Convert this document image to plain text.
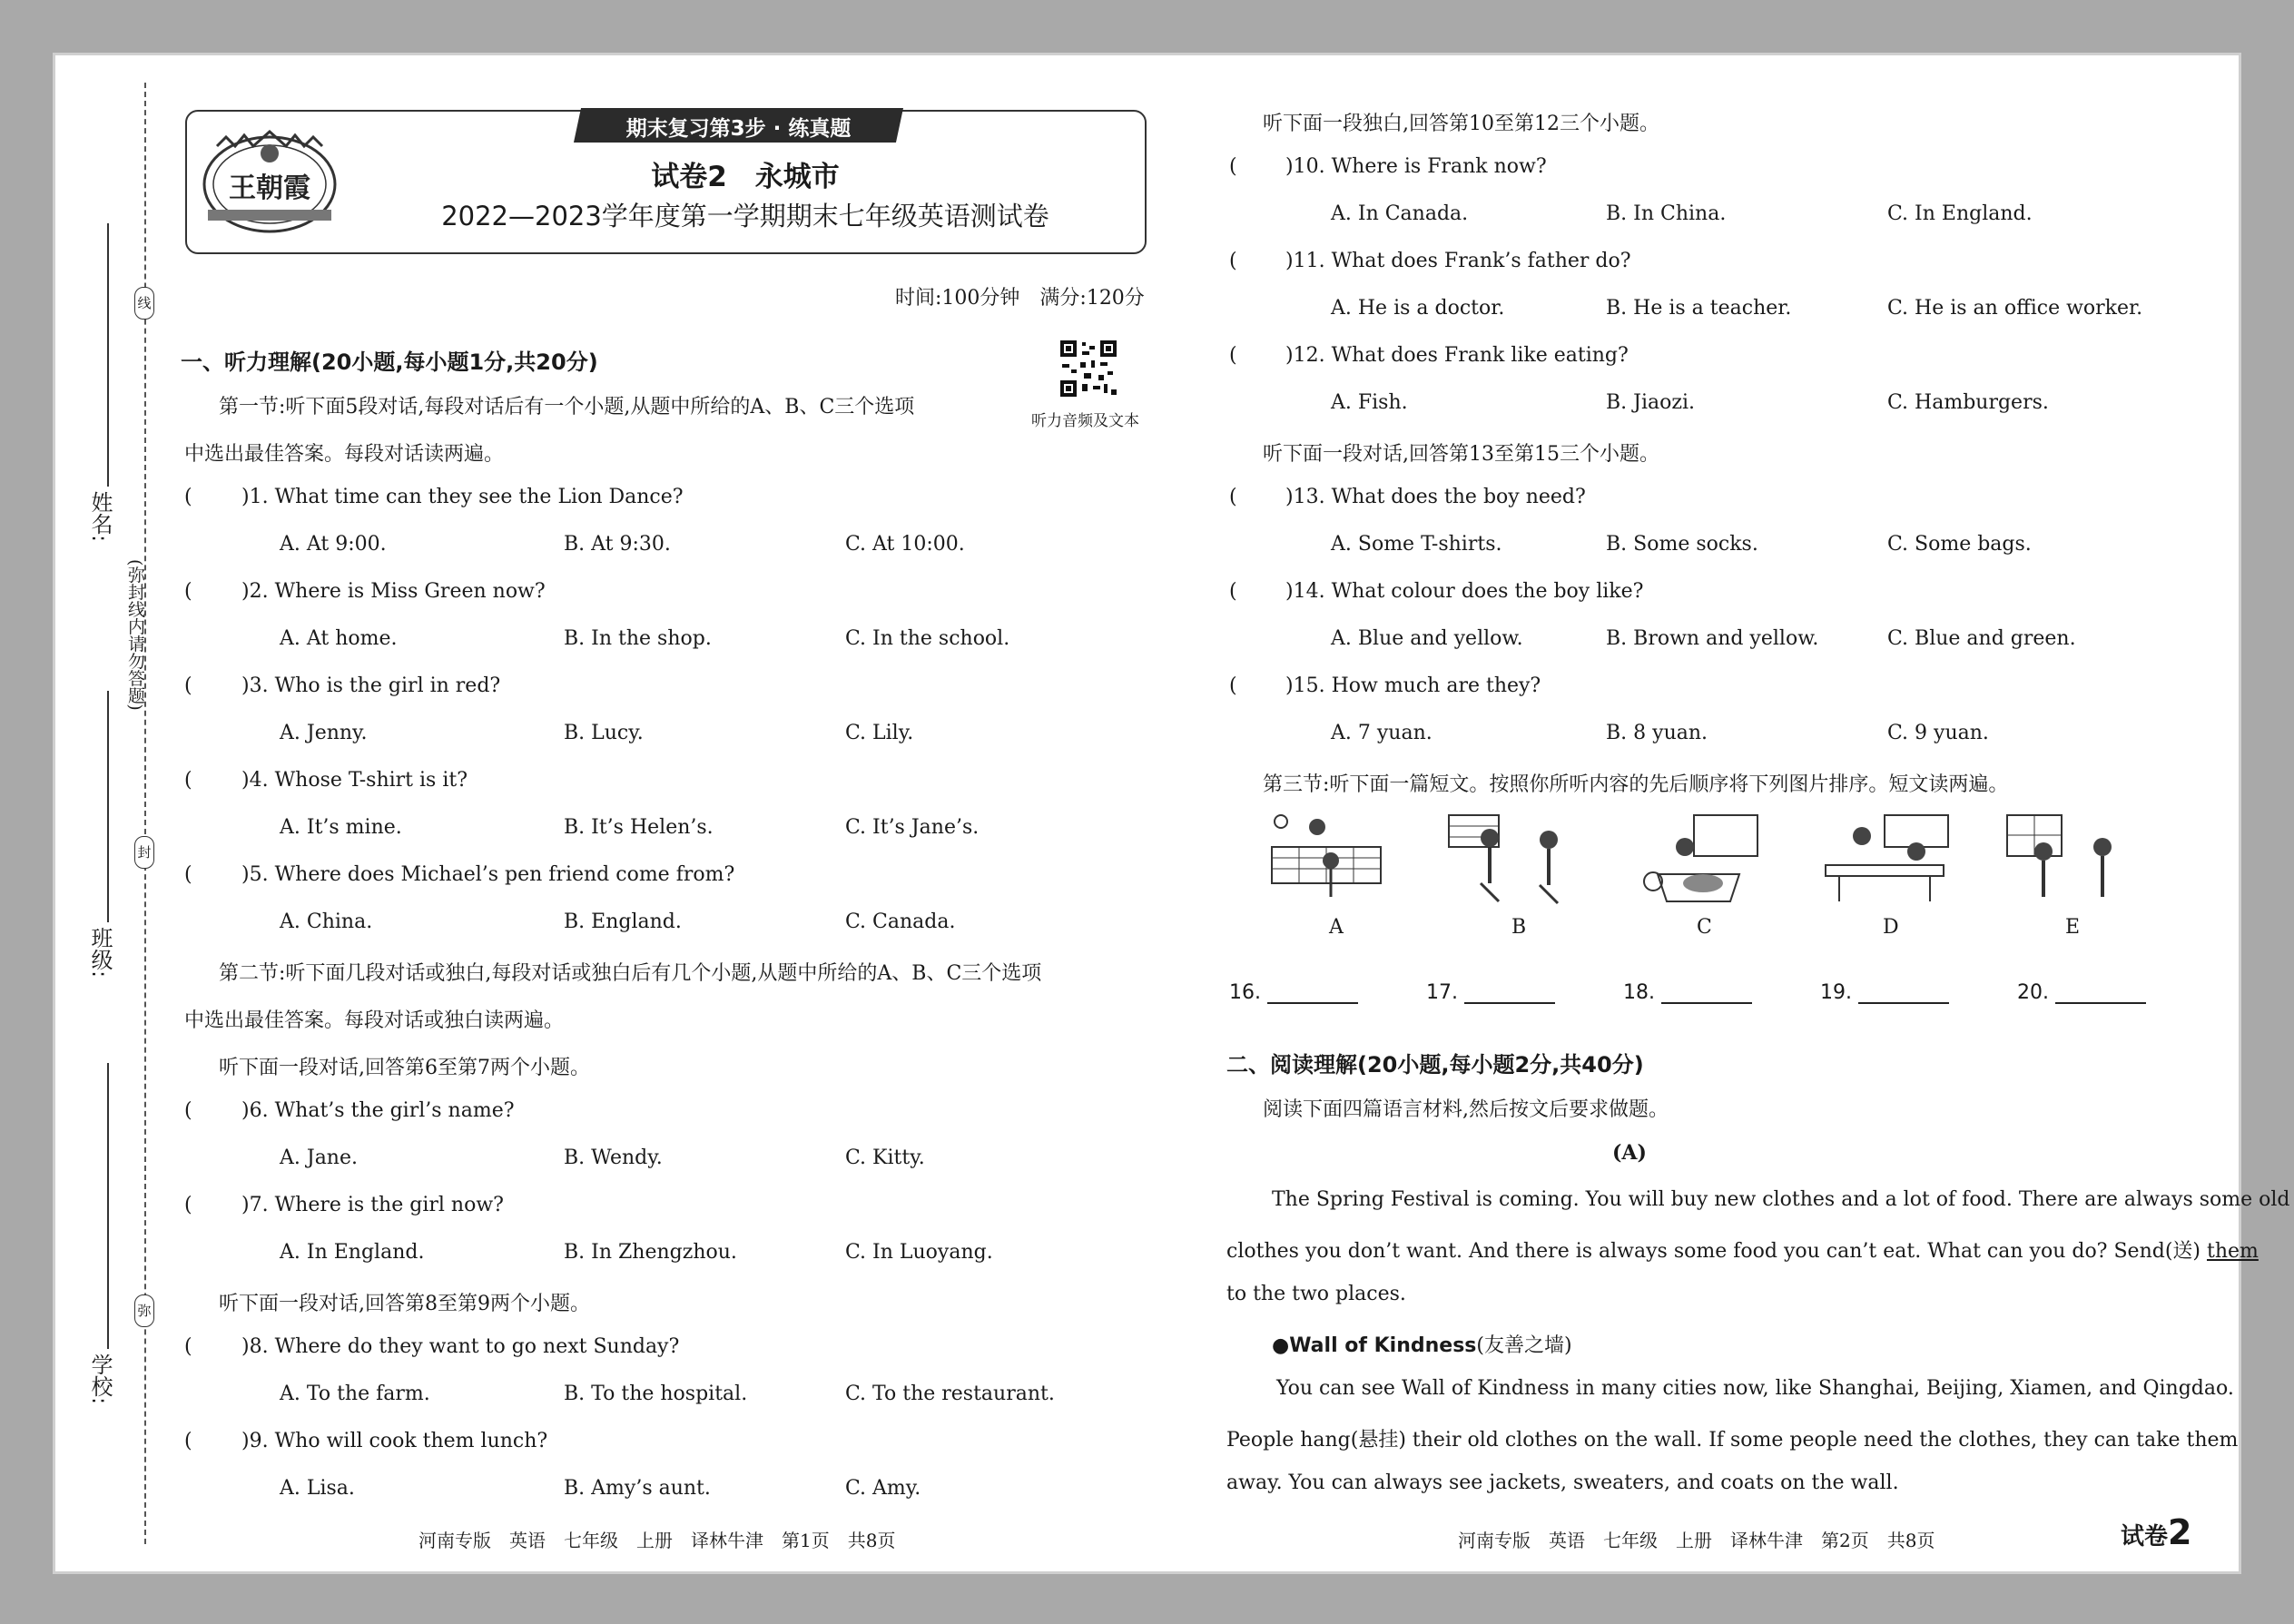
线
封
弥
(弥封线内请勿答题)
姓名:
班级:
学校:
王朝霞
期末复习第3步 · 练真题
试卷2　永城市
2022—2023学年度第一学期期末七年级英语测试卷
时间:100分钟　满分:120分
一、听力理解(20小题,每小题1分,共20分)
听力音频及文本
第一节:听下面5段对话,每段对话后有一个小题,从题中所给的A、B、C三个选项
中选出最佳答案。每段对话读两遍。
( )1. What time can they see the Lion Dance?
A. At 9:00.	B. At 9:30.	C. At 10:00.
( )2. Where is Miss Green now?
A. At home.	B. In the shop.	C. In the school.
( )3. Who is the girl in red?
A. Jenny.	B. Lucy.	C. Lily.
( )4. Whose T-shirt is it?
A. It’s mine.	B. It’s Helen’s.	C. It’s Jane’s.
( )5. Where does Michael’s pen friend come from?
A. China.	B. England.	C. Canada.
第二节:听下面几段对话或独白,每段对话或独白后有几个小题,从题中所给的A、B、C三个选项
中选出最佳答案。每段对话或独白读两遍。
听下面一段对话,回答第6至第7两个小题。
( )6. What’s the girl’s name?
A. Jane.	B. Wendy.	C. Kitty.
( )7. Where is the girl now?
A. In England.	B. In Zhengzhou.	C. In Luoyang.
听下面一段对话,回答第8至第9两个小题。
( )8. Where do they want to go next Sunday?
A. To the farm.	B. To the hospital.	C. To the restaurant.
( )9. Who will cook them lunch?
A. Lisa.	B. Amy’s aunt.	C. Amy.
河南专版　英语　七年级　上册　译林牛津　第1页　共8页
听下面一段独白,回答第10至第12三个小题。
( )10. Where is Frank now?
A. In Canada.	B. In China.	C. In England.
( )11. What does Frank’s father do?
A. He is a doctor.	B. He is a teacher.	C. He is an office worker.
( )12. What does Frank like eating?
A. Fish.	B. Jiaozi.	C. Hamburgers.
听下面一段对话,回答第13至第15三个小题。
( )13. What does the boy need?
A. Some T-shirts.	B. Some socks.	C. Some bags.
( )14. What colour does the boy like?
A. Blue and yellow.	B. Brown and yellow.	C. Blue and green.
( )15. How much are they?
A. 7 yuan.	B. 8 yuan.	C. 9 yuan.
第三节:听下面一篇短文。按照你所听内容的先后顺序将下列图片排序。短文读两遍。
A	B	C	D	E
16.	17.	18.	19.	20.
二、阅读理解(20小题,每小题2分,共40分)
阅读下面四篇语言材料,然后按文后要求做题。
(A)
The Spring Festival is coming. You will buy new clothes and a lot of food. There are always some old
clothes you don’t want. And there is always some food you can’t eat. What can you do? Send(送) them
to the two places.
●Wall of Kindness(友善之墙)
You can see Wall of Kindness in many cities now, like Shanghai, Beijing, Xiamen, and Qingdao.
People hang(悬挂) their old clothes on the wall. If some people need the clothes, they can take them
away. You can always see jackets, sweaters, and coats on the wall.
河南专版　英语　七年级　上册　译林牛津　第2页　共8页	试卷2
